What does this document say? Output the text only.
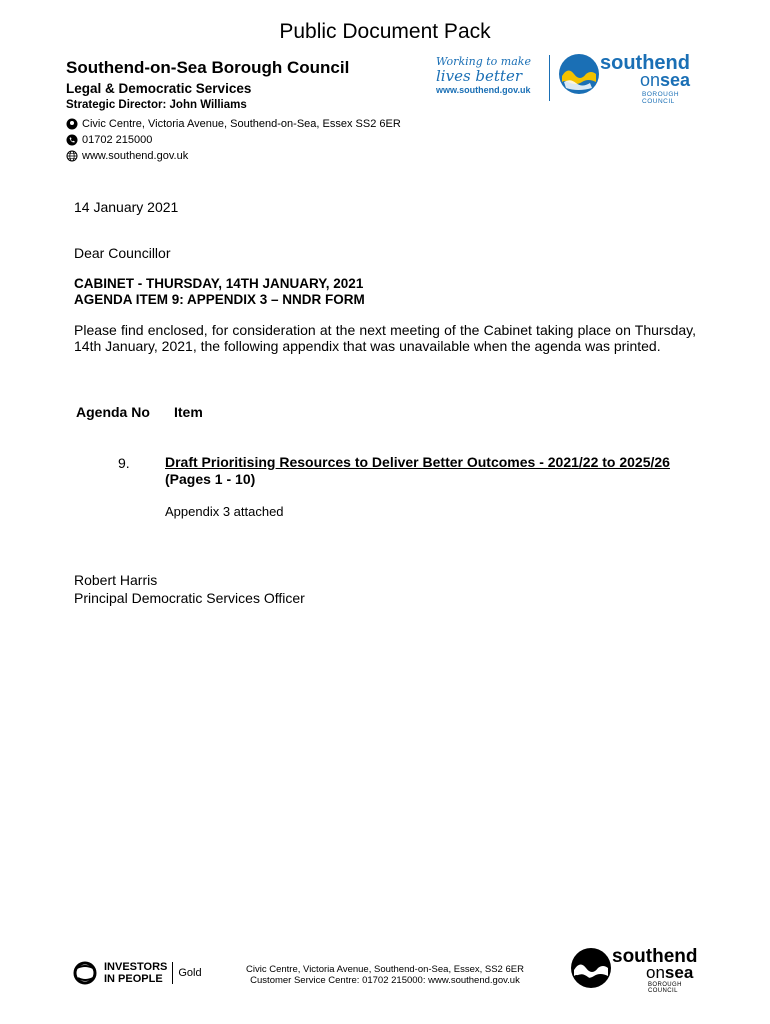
Public Document Pack
Southend-on-Sea Borough Council
Legal & Democratic Services
Strategic Director: John Williams
Civic Centre, Victoria Avenue, Southend-on-Sea, Essex SS2 6ER
01702 215000
www.southend.gov.uk
Working to make
lives better
www.southend.gov.uk
southend
onsea
BOROUGH COUNCIL
14 January 2021
Dear Councillor
CABINET - THURSDAY, 14TH JANUARY, 2021
AGENDA ITEM 9: APPENDIX 3 – NNDR FORM
Please find enclosed, for consideration at the next meeting of the Cabinet taking place on Thursday, 14th January, 2021, the following appendix that was unavailable when the agenda was printed.
Agenda No Item
9.	Draft Prioritising Resources to Deliver Better Outcomes - 2021/22 to 2025/26 (Pages 1 - 10)
Appendix 3 attached
Robert Harris
Principal Democratic Services Officer
INVESTORS
IN PEOPLE	Gold	Civic Centre, Victoria Avenue, Southend-on-Sea, Essex, SS2 6ER
Customer Service Centre: 01702 215000: www.southend.gov.uk
southend
onsea
BOROUGH COUNCIL
